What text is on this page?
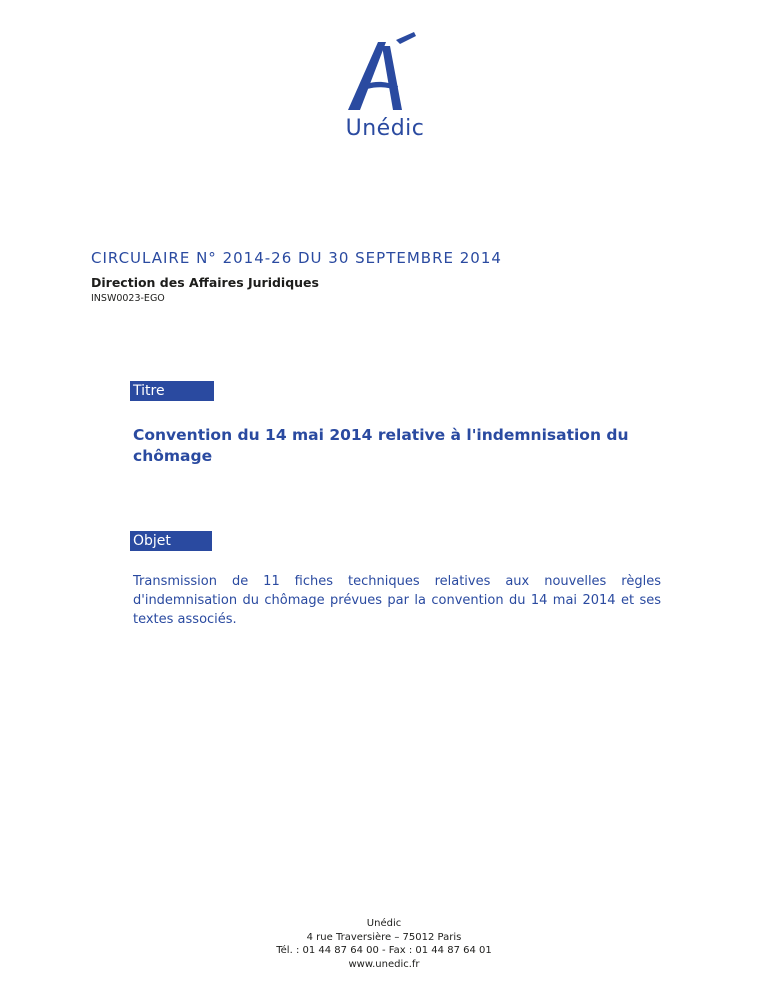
Unédic
CIRCULAIRE N° 2014-26 DU 30 SEPTEMBRE 2014
Direction des Affaires Juridiques
INSW0023-EGO
Titre
Convention du 14 mai 2014 relative à l'indemnisation du chômage
Objet
Transmission de 11 fiches techniques relatives aux nouvelles règles d'indemnisation du chômage prévues par la convention du 14 mai 2014 et ses textes associés.
Unédic
4 rue Traversière – 75012 Paris
Tél. : 01 44 87 64 00 - Fax : 01 44 87 64 01
www.unedic.fr
